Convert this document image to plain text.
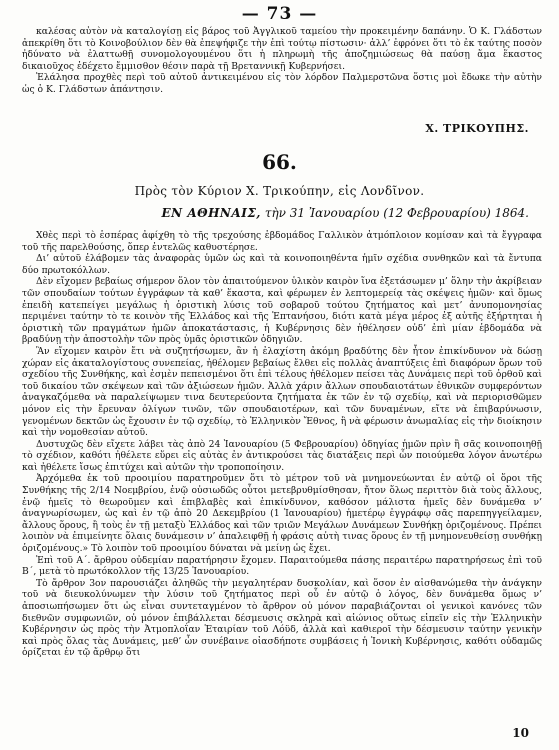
— 73 —

καλέσας αὐτὸν νὰ καταλογίσῃ εἰς βάρος τοῦ Ἀγγλικοῦ ταμείου τὴν προκειμένην δαπάνην. Ὁ Κ. Γλάδστων ἀπεκρίθη ὅτι τὸ Κοινοβούλιον δὲν θὰ ἐπεψήφιζε τὴν ἐπὶ τούτῳ πίστωσιν· ἀλλ’ ἐφρόνει ὅτι τὸ ἐκ ταύτης ποσὸν ἠδύνατο νὰ ἐλαττωθῇ συνομολογουμένου ὅτι ἡ πληρωμὴ τῆς ἀποζημιώσεως θὰ παύσῃ ἅμα ἕκαστος δικαιοῦχος ἐδέχετο ἔμμισθον θέσιν παρὰ τῇ Βρεταννικῇ Κυβερνήσει.

Ἐλάλησα προχθὲς περὶ τοῦ αὐτοῦ ἀντικειμένου εἰς τὸν λόρδον Παλμερστῶνα ὅστις μοὶ ἔδωκε τὴν αὐτὴν ὡς ὁ Κ. Γλάδστων ἀπάντησιν.

Χ. ΤΡΙΚΟΥΠΗΣ.
66.
Πρὸς τὸν Κύριον Χ. Τρικούπην, εἰς Λονδῖνον.
ΕΝ ΑΘΗΝΑΙΣ, τὴν 31 Ἰανουαρίου (12 Φεβρουαρίου) 1864.

Χθὲς περὶ τὸ ἑσπέρας ἀφίχθη τὸ τῆς τρεχούσης ἑβδομάδος Γαλλικὸν ἀτμόπλοιον κομίσαν καὶ τὰ ἔγγραφα τοῦ τῆς παρελθούσης, ὅπερ ἐντελῶς καθυστέρησε.

Δι’ αὐτοῦ ἐλάβομεν τὰς ἀναφορὰς ὑμῶν ὡς καὶ τὰ κοινοποιηθέντα ἡμῖν σχέδια συνθηκῶν καὶ τὰ ἔντυπα δύο πρωτοκόλλων.

Δὲν εἴχομεν βεβαίως σήμερον ὅλον τὸν ἀπαιτούμενον ὑλικὸν καιρὸν ἵνα ἐξετάσωμεν μ’ ὅλην τὴν ἀκρίβειαν τῶν σπουδαίων τούτων ἐγγράφων τὰ καθ’ ἕκαστα, καὶ φέρωμεν ἐν λεπτομερείᾳ τὰς σκέψεις ἡμῶν· καὶ ὅμως ἐπειδὴ κατεπείγει μεγάλως ἡ ὁριστικὴ λύσις τοῦ σοβαροῦ τούτου ζητήματος καὶ μετ’ ἀνυπομονησίας περιμένει ταύτην τὸ τε κοινὸν τῆς Ἑλλάδος καὶ τῆς Ἑπτανήσου, διότι κατὰ μέγα μέρος ἐξ αὐτῆς ἐξήρτηται ἡ ὁριστικὴ τῶν πραγμάτων ἡμῶν ἀποκατάστασις, ἡ Κυβέρνησις δὲν ἠθέλησεν οὐδ’ ἐπὶ μίαν ἑβδομάδα νὰ βραδύνῃ τὴν ἀποστολὴν τῶν πρὸς ὑμᾶς ὁριστικῶν ὁδηγιῶν.

Ἂν εἴχομεν καιρὸν ἔτι νὰ συζητήσωμεν, ἂν ἡ ἐλαχίστη ἀκόμη βραδύτης δὲν ἦτον ἐπικίνδυνον νὰ δώσῃ χώραν εἰς ἀκαταλογίστους συνεπείας, ἠθέλομεν βεβαίως ἔλθει εἰς πολλὰς ἀναπτύξεις ἐπὶ διαφόρων ὅρων τοῦ σχεδίου τῆς Συνθήκης, καὶ ἐσμὲν πεπεισμένοι ὅτι ἐπὶ τέλους ἠθέλομεν πείσει τὰς Δυνάμεις περὶ τοῦ ὀρθοῦ καὶ τοῦ δικαίου τῶν σκέψεων καὶ τῶν ἀξιώσεων ἡμῶν. Ἀλλὰ χάριν ἄλλων σπουδαιοτάτων ἐθνικῶν συμφερόντων ἀναγκαζόμεθα νὰ παραλείψωμεν τινα δευτερεύοντα ζητήματα ἐκ τῶν ἐν τῷ σχεδίῳ, καὶ νὰ περιορισθῶμεν μόνον εἰς τὴν ἔρευναν ὀλίγων τινῶν, τῶν σπουδαιοτέρων, καὶ τῶν δυναμένων, εἴτε νὰ ἐπιβαρύνωσιν, γενομένων δεκτῶν ὡς ἔχουσιν ἐν τῷ σχεδίῳ, τὸ Ἑλληνικὸν Ἔθνος, ἢ νὰ φέρωσιν ἀνωμαλίας εἰς τὴν διοίκησιν καὶ τὴν νομοθεσίαν αὐτοῦ.

Δυστυχῶς δὲν εἴχετε λάβει τὰς ἀπὸ 24 Ἰανουαρίου (5 Φεβρουαρίου) ὁδηγίας ἡμῶν πρὶν ἢ σᾶς κοινοποιηθῇ τὸ σχέδιον, καθότι ἠθέλετε εὕρει εἰς αὐτὰς ἐν ἀντικρούσει τὰς διατάξεις περὶ ὧν ποιούμεθα λόγον ἀνωτέρω καὶ ἠθέλετε ἴσως ἐπιτύχει καὶ αὐτῶν τὴν τροποποίησιν.

Ἀρχόμεθα ἐκ τοῦ προοιμίου παρατηροῦμεν ὅτι τὸ μέτρον τοῦ νὰ μνημονεύωνται ἐν αὐτῷ οἱ ὅροι τῆς Συνθήκης τῆς 2/14 Νοεμβρίου, ἐνῷ οὐσιωδῶς οὗτοι μετεβρυθμίσθησαν, ἤτον ὅλως περιττὸν διὰ τοὺς ἄλλους, ἐνῷ ἡμεῖς τὸ θεωροῦμεν καὶ ἐπιβλαβὲς καὶ ἐπικίνδυνον, καθόσον μάλιστα ἡμεῖς δὲν δυνάμεθα ν’ ἀναγνωρίσωμεν, ὡς καὶ ἐν τῷ ἀπὸ 20 Δεκεμβρίου (1 Ἰανουαρίου) ἡμετέρῳ ἐγγράφῳ σᾶς παρεπηγγείλαμεν, ἄλλους ὅρους, ἢ τοὺς ἐν τῇ μεταξὺ Ἑλλάδος καὶ τῶν τριῶν Μεγάλων Δυνάμεων Συνθήκῃ ὁριζομένους. Πρέπει λοιπὸν νὰ ἐπιμείνητε ὅλαις δυνάμεσιν ν’ ἀπαλειφθῇ ἡ φράσις αὐτὴ τινας ὅρους ἐν τῇ μνημονευθείσῃ συνθήκῃ ὁριζομένους.» Τὸ λοιπὸν τοῦ προοιμίου δύναται νὰ μείνῃ ὡς ἔχει.

Ἐπὶ τοῦ Α΄. ἄρθρου οὐδεμίαν παρατήρησιν ἔχομεν. Παραιτούμεθα πάσης περαιτέρω παρατηρήσεως ἐπὶ τοῦ Β΄, μετὰ τὸ πρωτόκολλον τῆς 13/25 Ἰανουαρίου.

Τὸ ἄρθρον 3ον παρουσιάζει ἀληθῶς τὴν μεγαλητέραν δυσκολίαν, καὶ ὅσον ἐν αἰσθανώμεθα τὴν ἀνάγκην τοῦ νὰ διευκολύνωμεν τὴν λύσιν τοῦ ζητήματος περὶ οὗ ἐν αὐτῷ ὁ λόγος, δὲν δυνάμεθα ὅμως ν’ ἀποσιωπήσωμεν ὅτι ὡς εἶναι συντεταγμένον τὸ ἄρθρον οὐ μόνον παραβιάζονται οἱ γενικοὶ κανόνες τῶν διεθνῶν συμφωνιῶν, οὐ μόνον ἐπιβάλλεται δέσμευσις σκληρὰ καὶ αἰώνιος οὕτως εἰπεῖν εἰς τὴν Ἑλληνικὴν Κυβέρνησιν ὡς πρὸς τὴν Ἀτμοπλοΐαν Ἑταιρίαν τοῦ Λόϋδ, ἀλλὰ καὶ καθιεροῖ τὴν δέσμευσιν ταύτην γενικὴν καὶ πρὸς ὅλας τὰς Δυνάμεις, μεθ’ ὧν συνέβαινε οἰασδήποτε συμβάσεις ἡ Ἰονικὴ Κυβέρνησις, καθότι οὐδαμῶς ὁρίζεται ἐν τῷ ἄρθρῳ ὅτι

10
